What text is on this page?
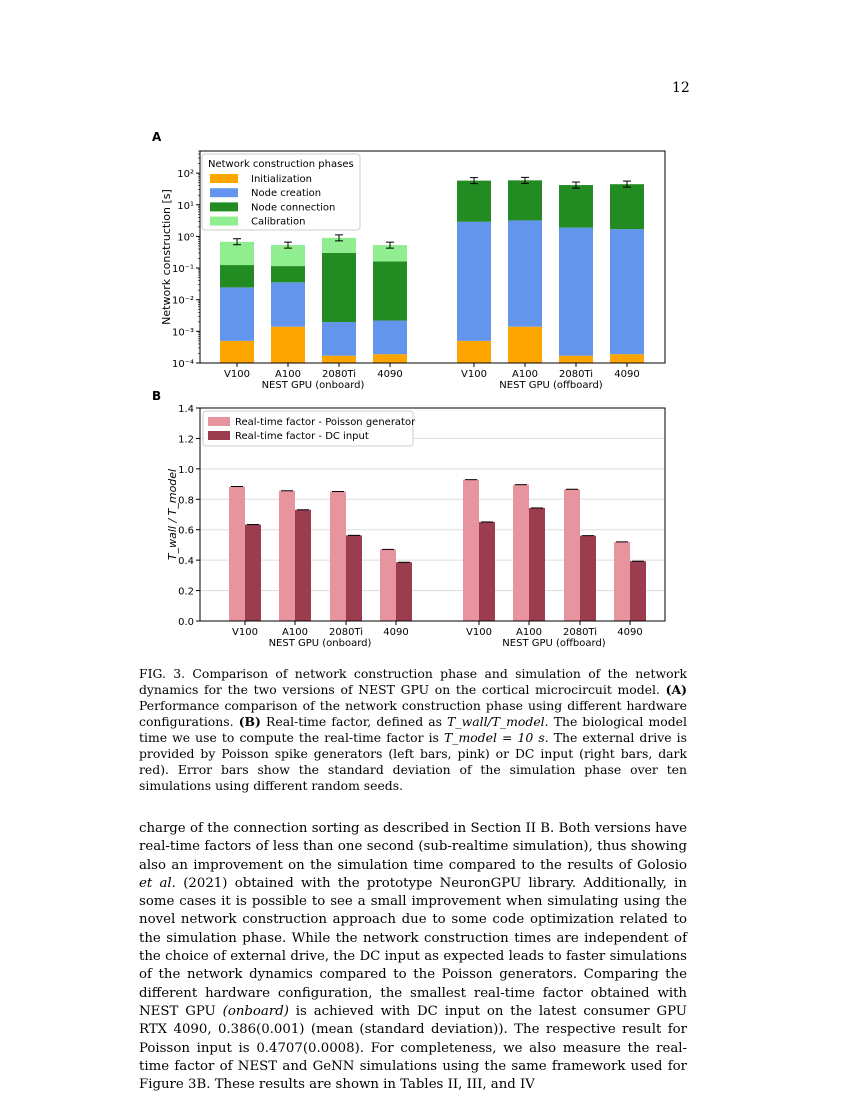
12
A
B
10⁻⁴
10⁻³
10⁻²
10⁻¹
10⁰
10¹
10²
V100	A100 2080Ti 4090	V100	A100 2080Ti 4090
NEST GPU (onboard)	NEST GPU (offboard)
Network construction [s]
Network construction phases
Initialization
Node creation
Node connection
Calibration
0.0
0.2
0.4
0.6
0.8
1.0
1.2
1.4
V100 A100 2080Ti 4090	V100 A100 2080Ti 4090
NEST GPU (onboard)	NEST GPU (offboard)
T_wall / T_model
Real-time factor - Poisson generator
Real-time factor - DC input
FIG. 3. Comparison of network construction phase and simulation of the network dynamics for the two versions of NEST GPU on the cortical microcircuit model. (A) Performance comparison of the network construction phase using different hardware configurations. (B) Real-time factor, defined as T_wall/T_model. The biological model time we use to compute the real-time factor is T_model = 10 s. The external drive is provided by Poisson spike generators (left bars, pink) or DC input (right bars, dark red). Error bars show the standard deviation of the simulation phase over ten simulations using different random seeds.

charge of the connection sorting as described in Section II B. Both versions have real-time factors of less than one second (sub-realtime simulation), thus showing also an improvement on the simulation time compared to the results of Golosio et al. (2021) obtained with the prototype NeuronGPU library. Additionally, in some cases it is possible to see a small improvement when simulating using the novel network construction approach due to some code optimization related to the simulation phase. While the network construction times are independent of the choice of external drive, the DC input as expected leads to faster simulations of the network dynamics compared to the Poisson generators. Comparing the different hardware configuration, the smallest real-time factor obtained with NEST GPU (onboard) is achieved with DC input on the latest consumer GPU RTX 4090, 0.386(0.001) (mean (standard deviation)). The respective result for Poisson input is 0.4707(0.0008). For completeness, we also measure the real-time factor of NEST and GeNN simulations using the same framework used for Figure 3B. These results are shown in Tables II, III, and IV
